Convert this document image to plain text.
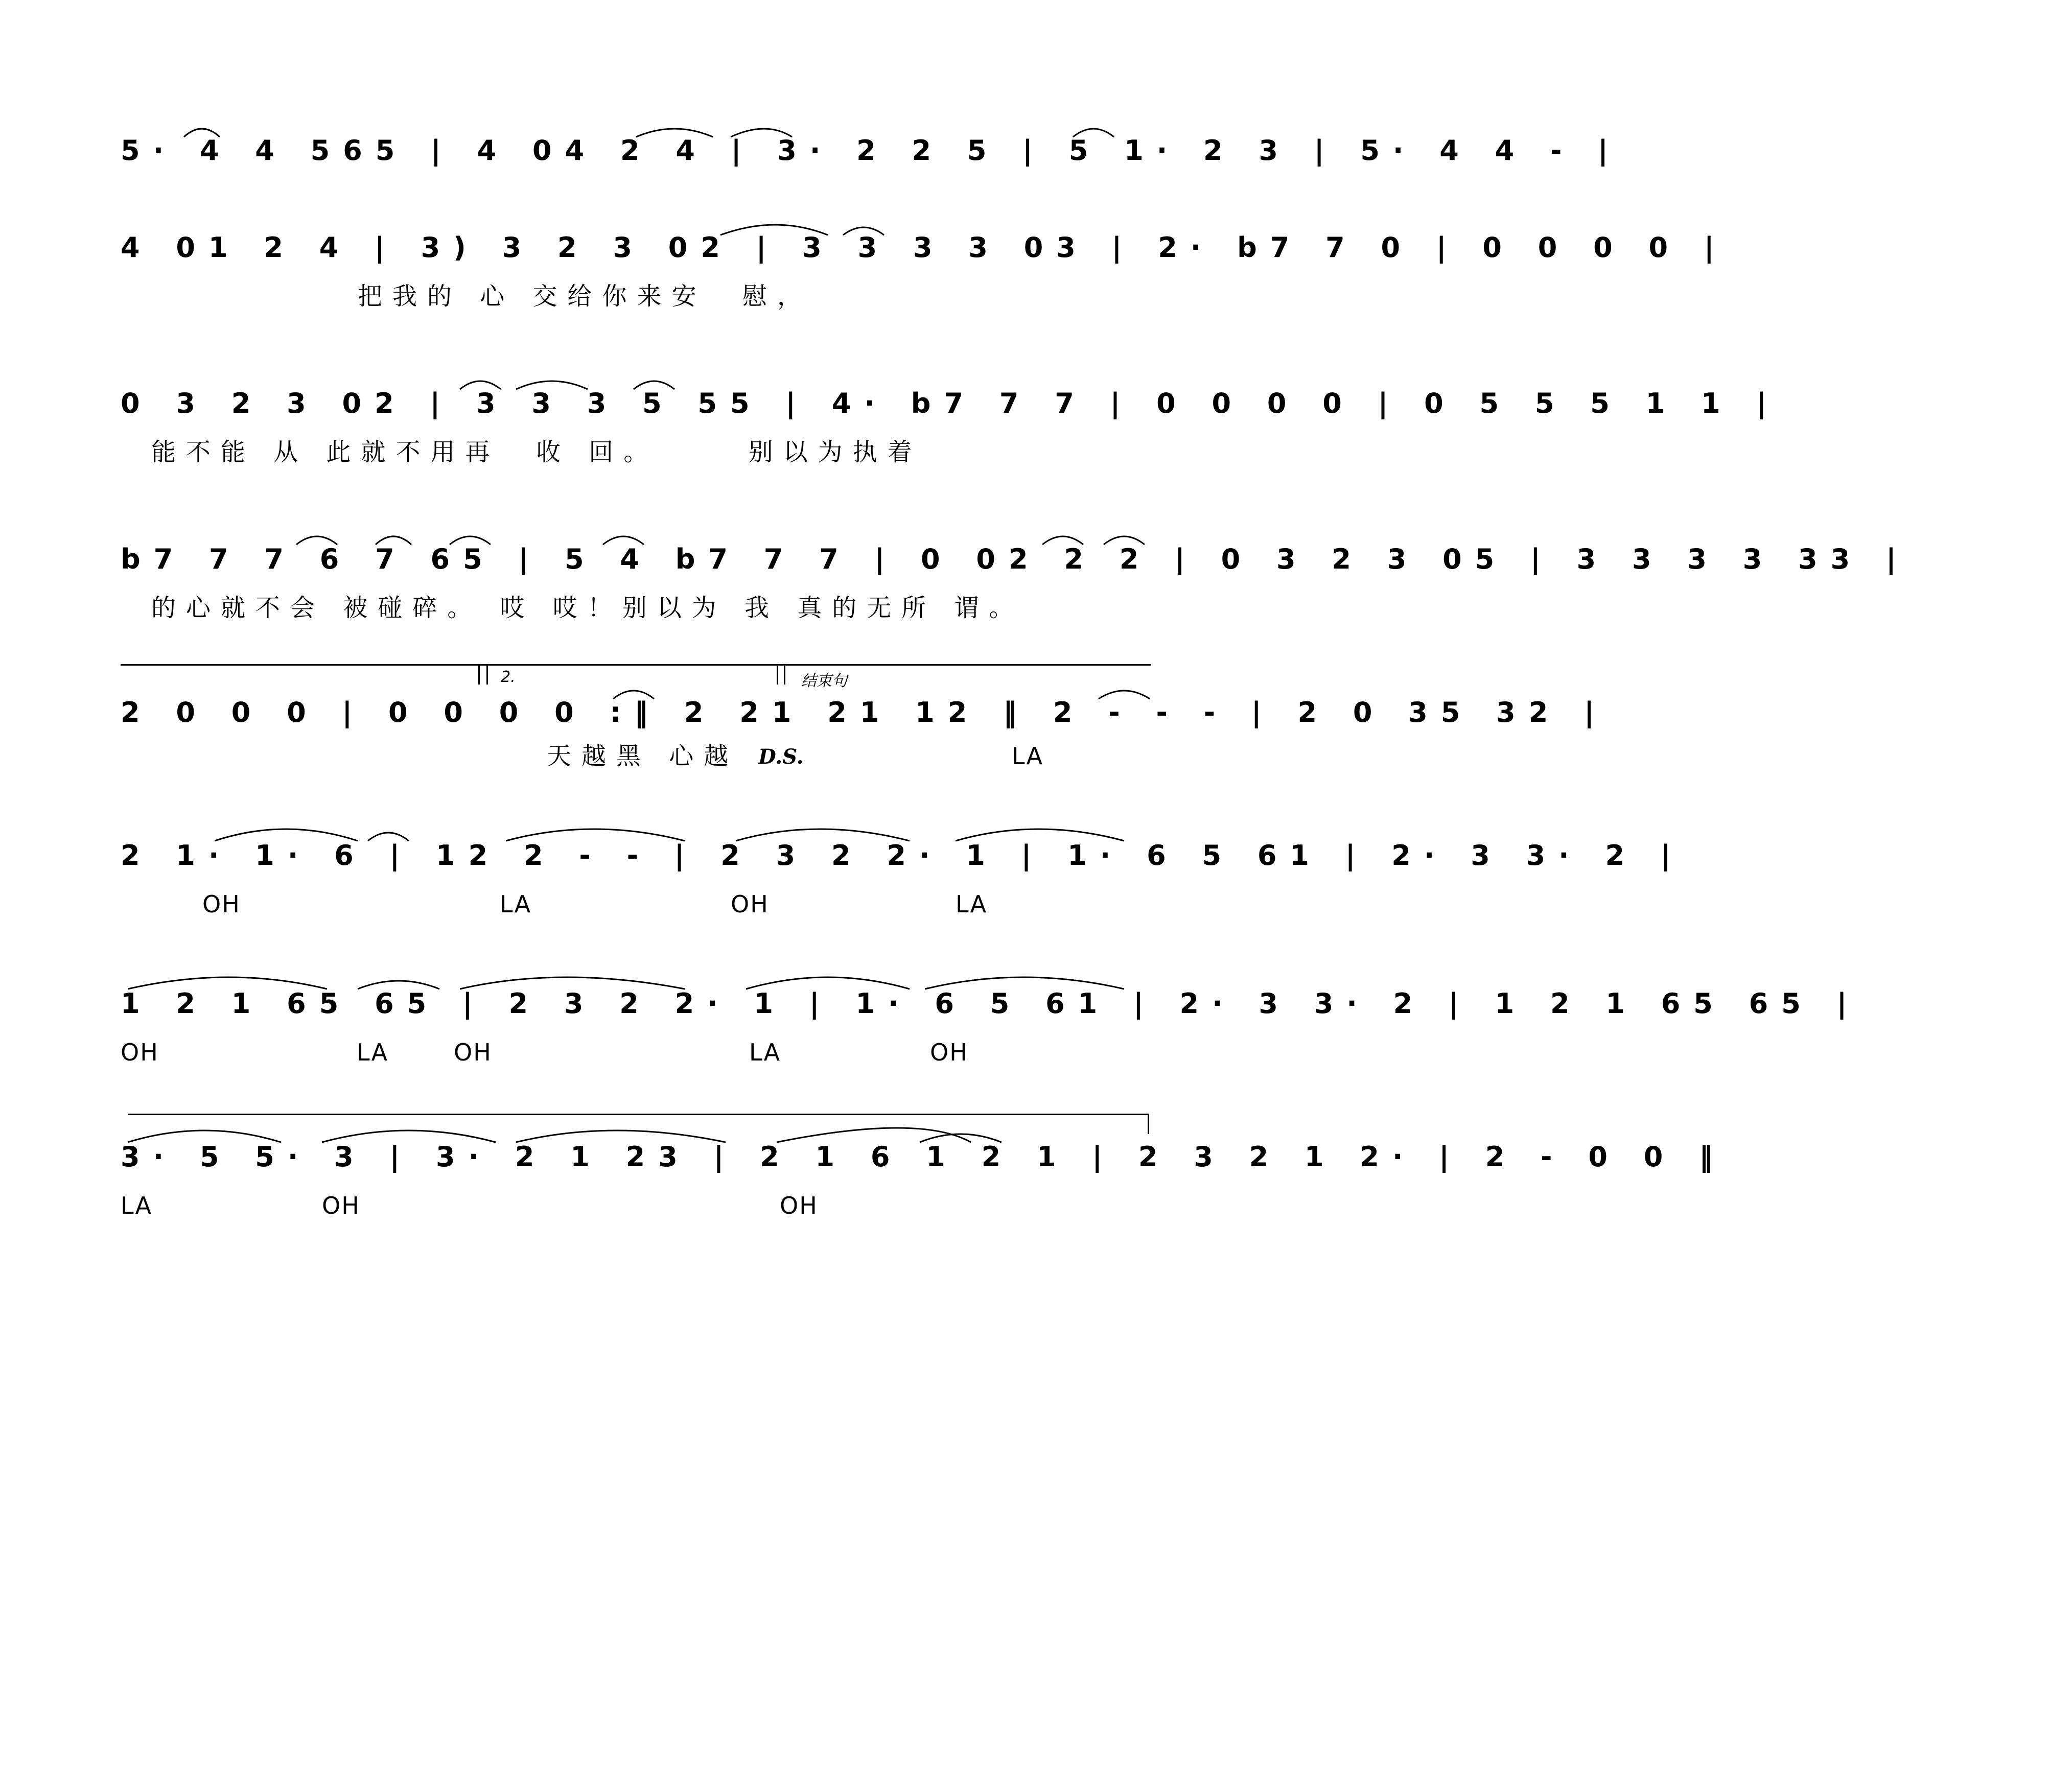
5· 4 4 565 | 4 04 2 4 | 3· 2 2 5 | 5 1· 2 3 | 5· 4 4 - |
4 01 2 4 | 3) 3 2 3 02 | 3 3 3 3 03 | 2· b7 7 0 | 0 0 0 0 |
把我的 心 交给你来安  慰，
0 3 2 3 02 | 3 3 3 5 55 | 4· b7 7 7 | 0 0 0 0 | 0 5 5 5 1 1 |
能不能 从 此就不用再  收 回。     别以为执着
b7 7 7 6 7 65 | 5 4 b7 7 7 | 0 02 2 2 | 0 3 2 3 05 | 3 3 3 3 33 |
的心就不会 被碰碎。 哎 哎！别以为 我 真的无所 谓。
2.	结束句
2 0 0 0 | 0 0 0 0 :‖ 2 21 21 12 ‖ 2 - - - | 2 0 35 32 |
天越黑 心越 D.S.	LA
2 1· 1· 6 | 12 2 - - | 2 3 2 2· 1 | 1· 6 5 61 | 2· 3 3· 2 |
OH	LA	OH	LA
1 2 1 65 65 | 2 3 2 2· 1 | 1· 6 5 61 | 2· 3 3· 2 | 1 2 1 65 65 |
OH	LA	OH	LA	OH
3· 5 5· 3 | 3· 2 1 23 | 2 1 6 1 2 1 | 2 3 2 1 2· | 2 - 0 0 ‖
LA	OH	OH
